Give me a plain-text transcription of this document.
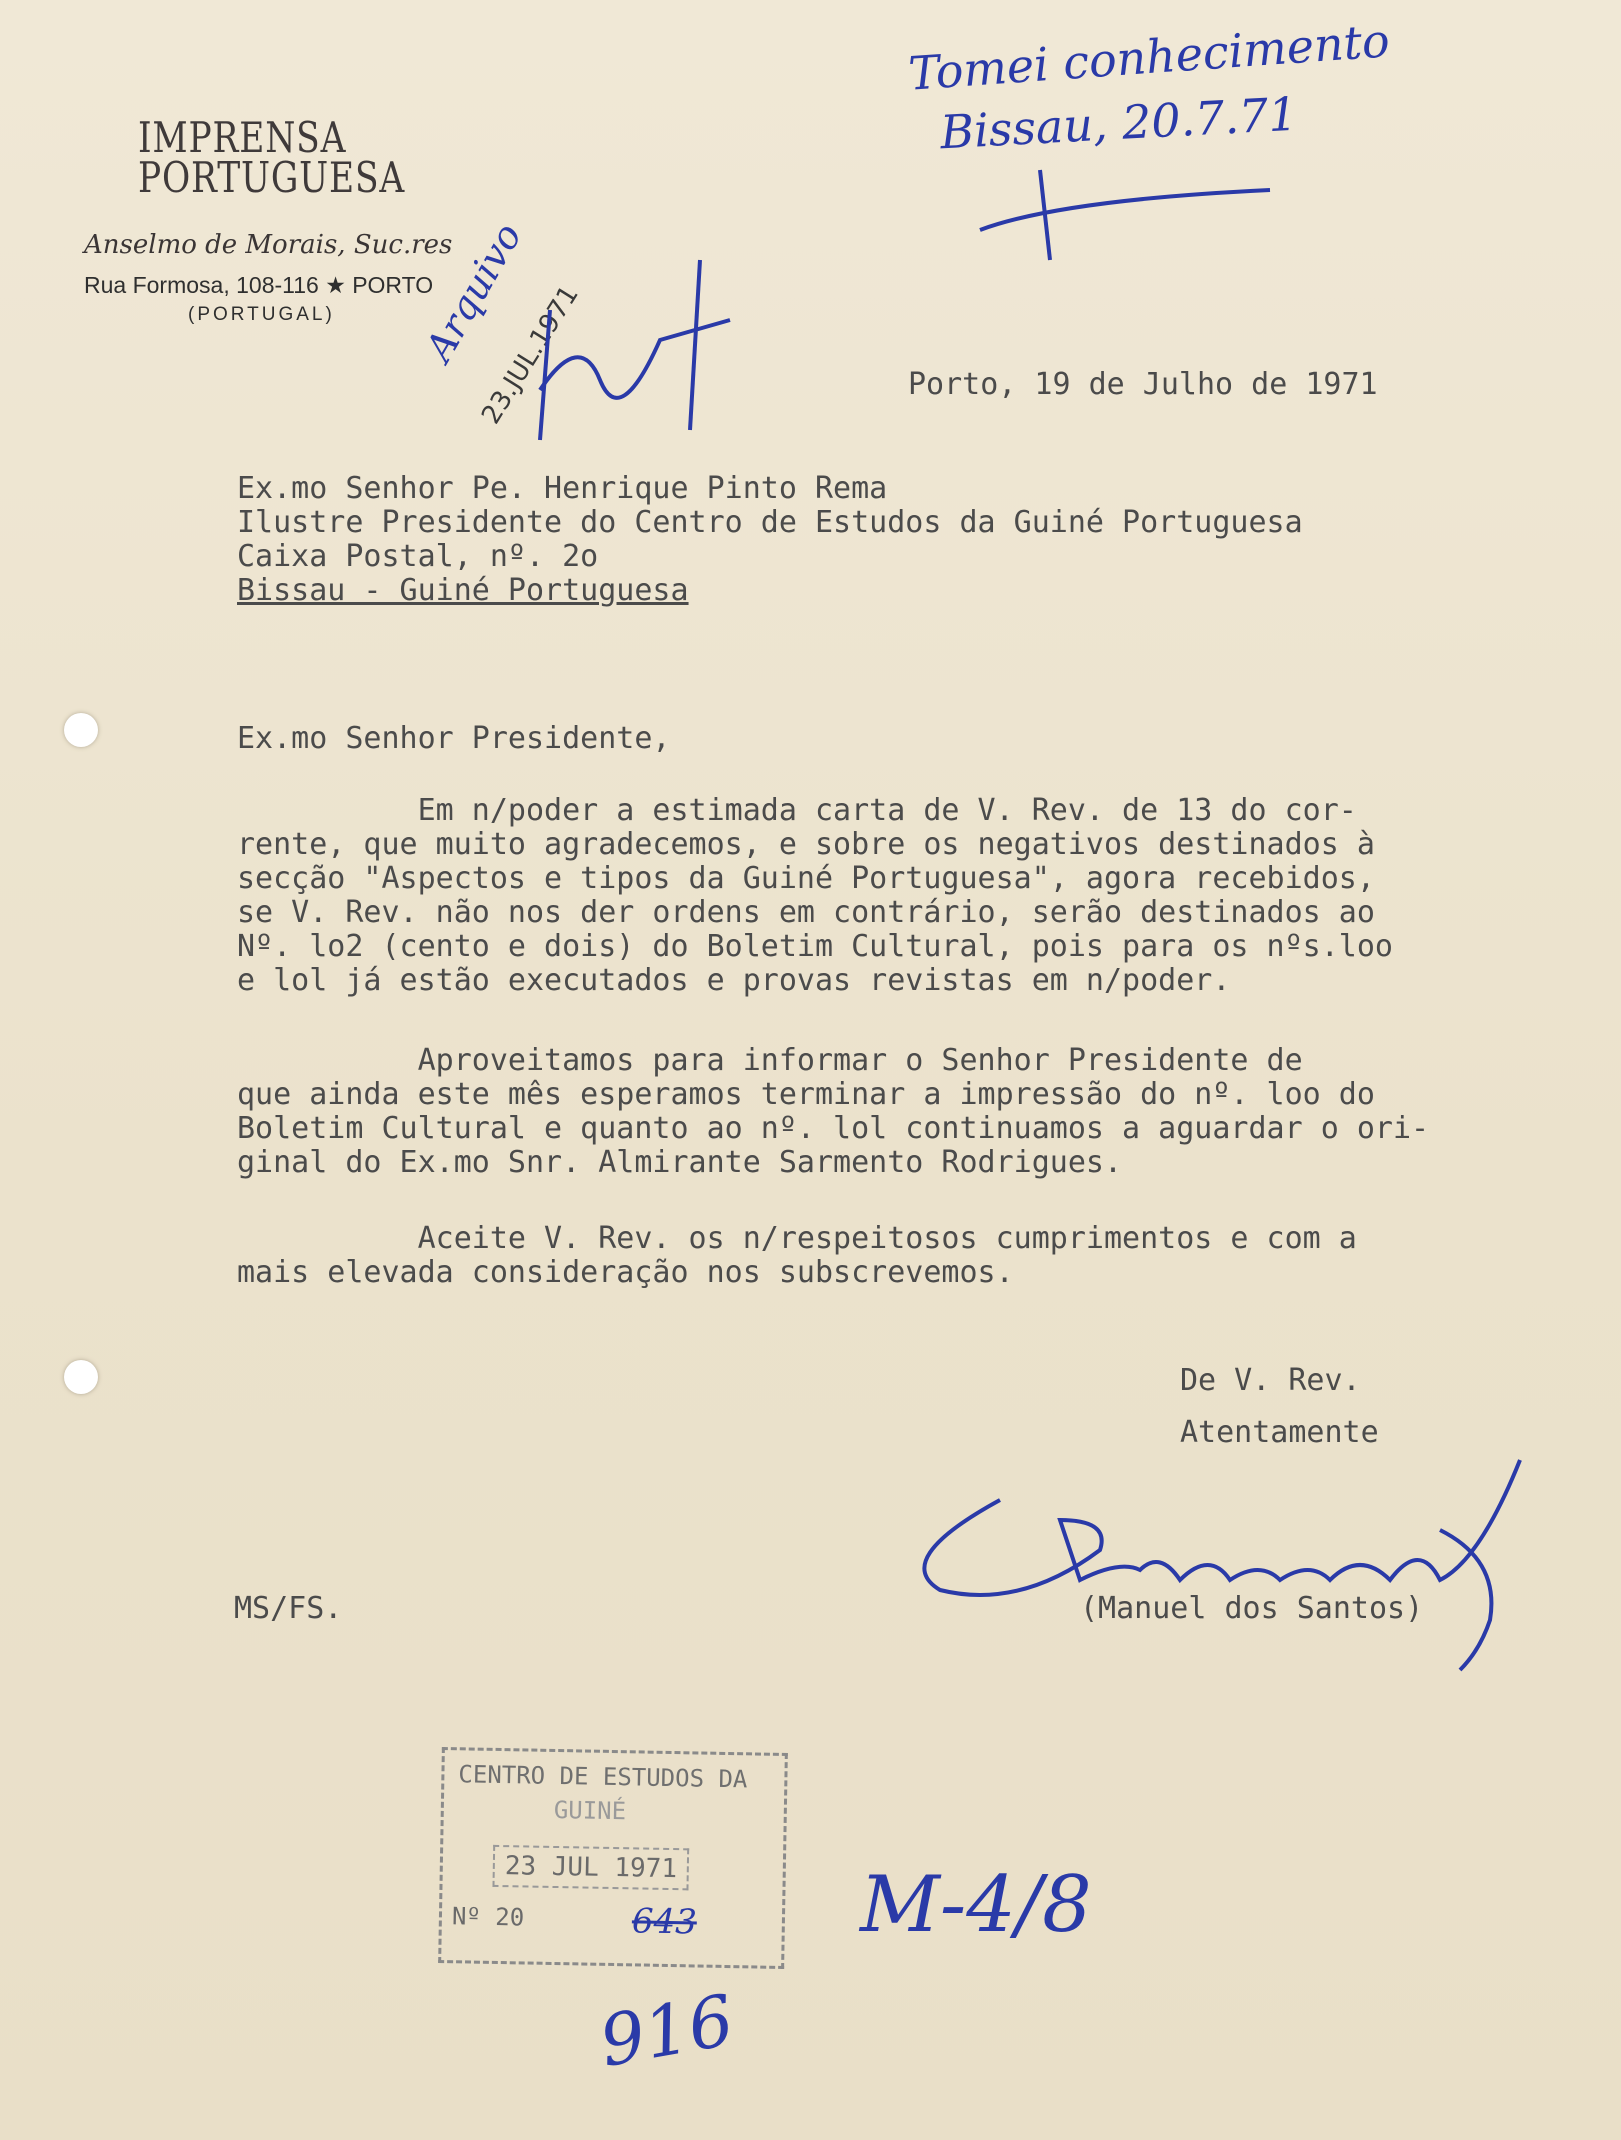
IMPRENSA
PORTUGUESA
Anselmo de Morais, Suc.res
Rua Formosa, 108-116 ★ PORTO
(PORTUGAL)
Tomei conhecimento
Bissau, 20.7.71
Arquivo
23.JUL.1971	Porto, 19 de Julho de 1971

Ex.mo Senhor Pe. Henrique Pinto Rema
Ilustre Presidente do Centro de Estudos da Guiné Portuguesa
Caixa Postal, nº. 2o
Bissau - Guiné Portuguesa

Ex.mo Senhor Presidente,

Em n/poder a estimada carta de V. Rev. de 13 do cor-
rente, que muito agradecemos, e sobre os negativos destinados à
secção "Aspectos e tipos da Guiné Portuguesa", agora recebidos,
se V. Rev. não nos der ordens em contrário, serão destinados ao
Nº. lo2 (cento e dois) do Boletim Cultural, pois para os nºs.loo
e lol já estão executados e provas revistas em n/poder.
Aproveitamos para informar o Senhor Presidente de
que ainda este mês esperamos terminar a impressão do nº. loo do
Boletim Cultural e quanto ao nº. lol continuamos a aguardar o ori-
ginal do Ex.mo Snr. Almirante Sarmento Rodrigues.
Aceite V. Rev. os n/respeitosos cumprimentos e com a
mais elevada consideração nos subscrevemos.

De V. Rev.

Atentamente

(Manuel dos Santos)

MS/FS.

CENTRO DE ESTUDOS DA
GUINÉ
23 JUL 1971
Nº 20	643
916
M-4/8
